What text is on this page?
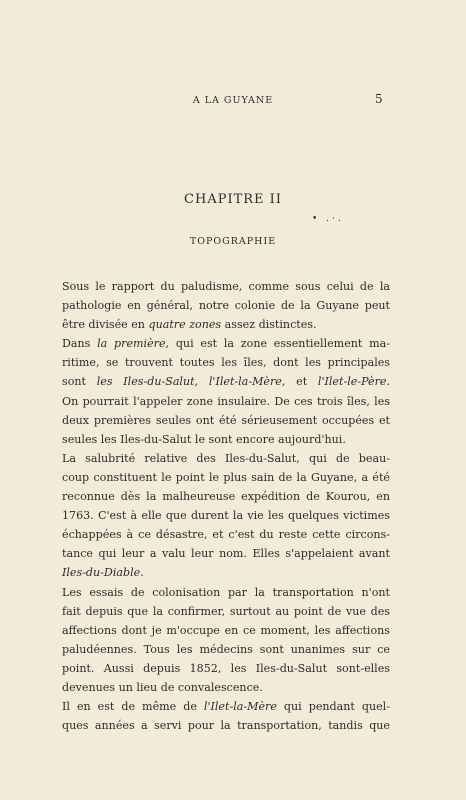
A LA GUYANE	5
CHAPITRE II
• .·.
TOPOGRAPHIE
Sous le rapport du paludisme, comme sous celui de la
pathologie en général, notre colonie de la Guyane peut
être divisée en quatre zones assez distinctes.
Dans la première, qui est la zone essentiellement ma-
ritime, se trouvent toutes les îles, dont les principales
sont les Iles-du-Salut, l'Ilet-la-Mère, et l'Ilet-le-Père.
On pourrait l'appeler zone insulaire. De ces trois îles, les
deux premières seules ont été sérieusement occupées et
seules les Iles-du-Salut le sont encore aujourd'hui.
La salubrité relative des Iles-du-Salut, qui de beau-
coup constituent le point le plus sain de la Guyane, a été
reconnue dès la malheureuse expédition de Kourou, en
1763. C'est à elle que durent la vie les quelques victimes
échappées à ce désastre, et c'est du reste cette circons-
tance qui leur a valu leur nom. Elles s'appelaient avant
Iles-du-Diable.
Les essais de colonisation par la transportation n'ont
fait depuis que la confirmer, surtout au point de vue des
affections dont je m'occupe en ce moment, les affections
paludéennes. Tous les médecins sont unanimes sur ce
point. Aussi depuis 1852, les Iles-du-Salut sont-elles
devenues un lieu de convalescence.
Il en est de même de l'Ilet-la-Mère qui pendant quel-
ques années a servi pour la transportation, tandis que
